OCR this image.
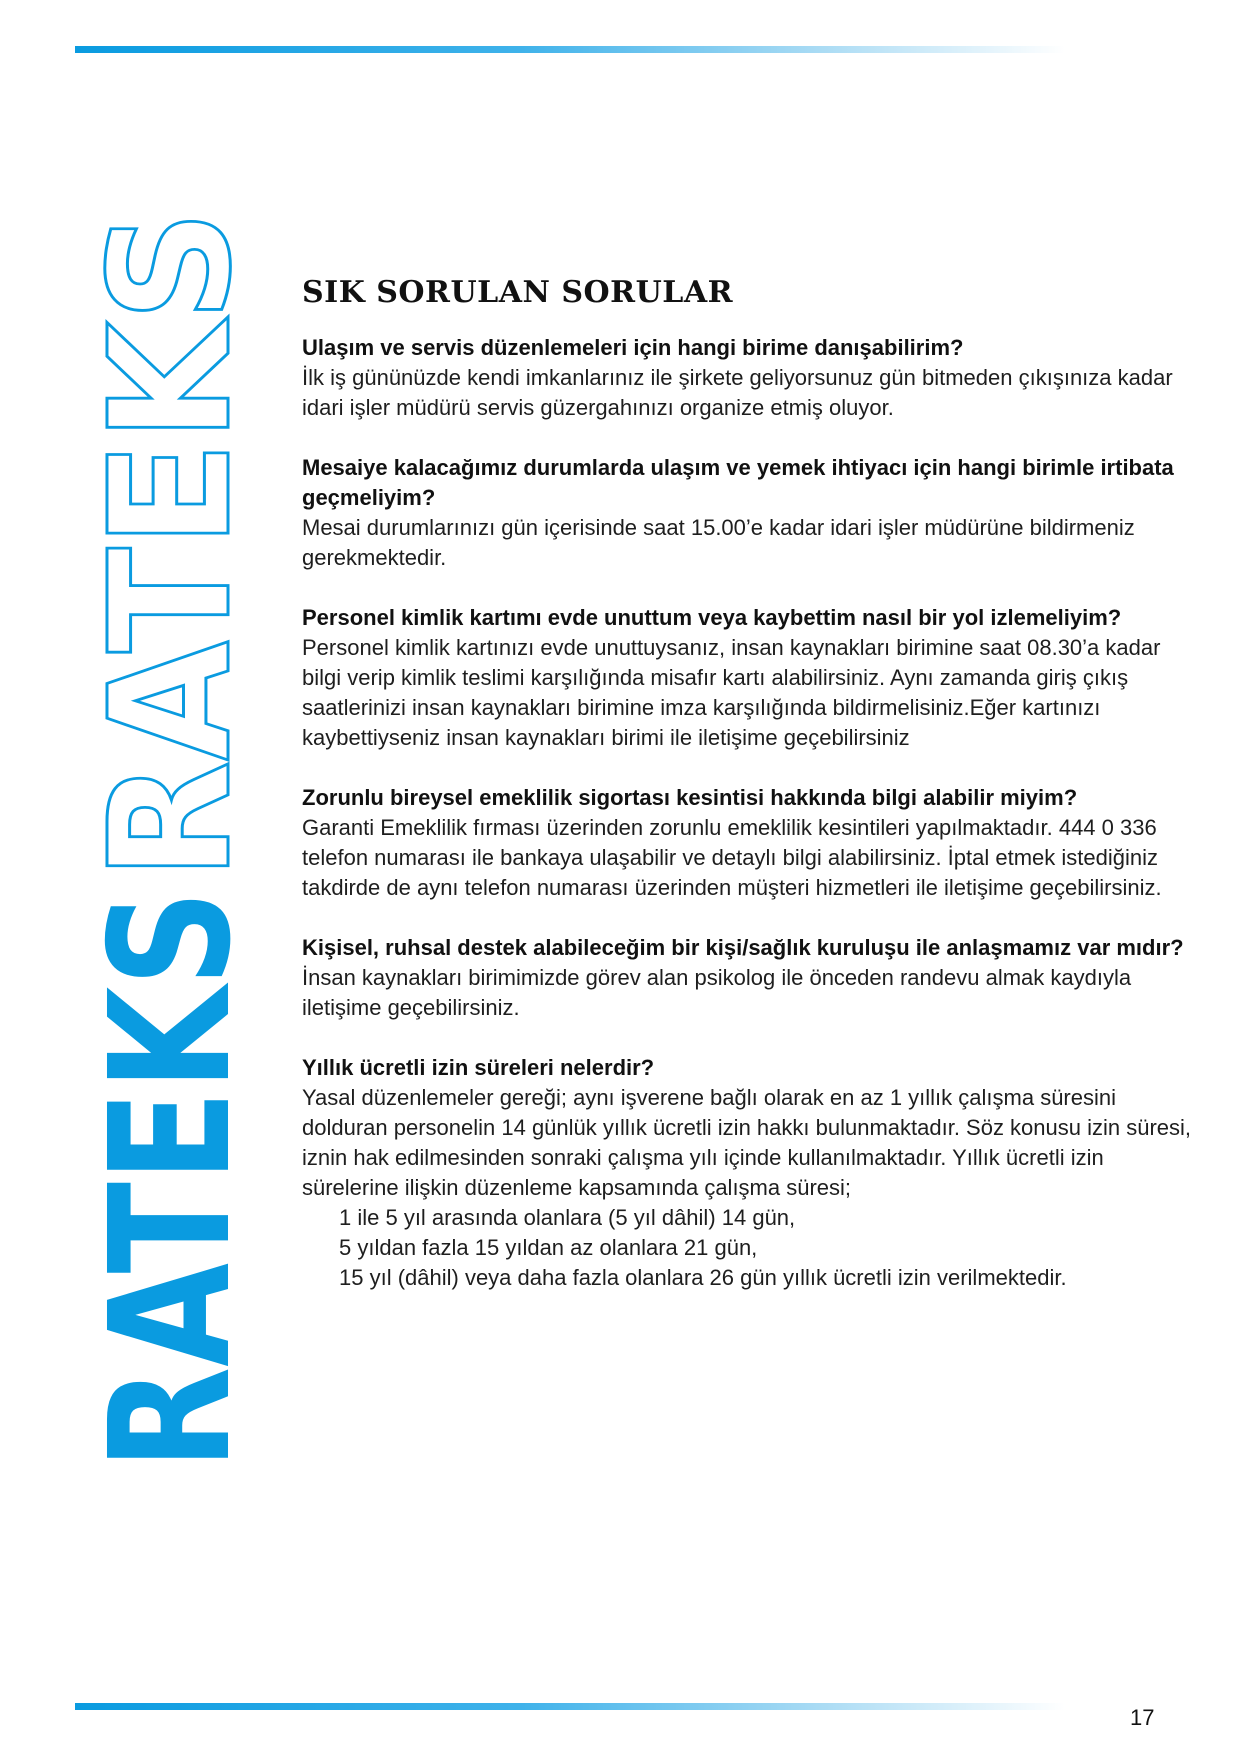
RATEKS
RATEKS SIK SORULAN SORULAR

Ulaşım ve servis düzenlemeleri için hangi birime danışabilirim?

İlk iş gününüzde kendi imkanlarınız ile şirkete geliyorsunuz gün bitmeden çıkışınıza kadar idari işler müdürü servis güzergahınızı organize etmiş oluyor.

Mesaiye kalacağımız durumlarda ulaşım ve yemek ihtiyacı için hangi birimle irtibata geçmeliyim?

Mesai durumlarınızı gün içerisinde saat 15.00’e kadar idari işler müdürüne bildirmeniz gerekmektedir.

Personel kimlik kartımı evde unuttum veya kaybettim nasıl bir yol izlemeliyim?

Personel kimlik kartınızı evde unuttuysanız, insan kaynakları birimine saat 08.30’a kadar bilgi verip kimlik teslimi karşılığında misafır kartı alabilirsiniz. Aynı zamanda giriş çıkış saatlerinizi insan kaynakları birimine imza karşılığında bildirmelisiniz.Eğer kartınızı kaybettiyseniz insan kaynakları birimi ile iletişime geçebilirsiniz

Zorunlu bireysel emeklilik sigortası kesintisi hakkında bilgi alabilir miyim?

Garanti Emeklilik fırması üzerinden zorunlu emeklilik kesintileri yapılmaktadır. 444 0 336 telefon numarası ile bankaya ulaşabilir ve detaylı bilgi alabilirsiniz. İptal etmek istediğiniz takdirde de aynı telefon numarası üzerinden müşteri hizmetleri ile iletişime geçebilirsiniz.

Kişisel, ruhsal destek alabileceğim bir kişi/sağlık kuruluşu ile anlaşmamız var mıdır?

İnsan kaynakları birimimizde görev alan psikolog ile önceden randevu almak kaydıyla iletişime geçebilirsiniz.

Yıllık ücretli izin süreleri nelerdir?

Yasal düzenlemeler gereği; aynı işverene bağlı olarak en az 1 yıllık çalışma süresini dolduran personelin 14 günlük yıllık ücretli izin hakkı bulunmaktadır. Söz konusu izin süresi, iznin hak edilmesinden sonraki çalışma yılı içinde kullanılmaktadır. Yıllık ücretli izin sürelerine ilişkin düzenleme kapsamında çalışma süresi;

1 ile 5 yıl arasında olanlara (5 yıl dâhil) 14 gün,
5 yıldan fazla 15 yıldan az olanlara 21 gün,
15 yıl (dâhil) veya daha fazla olanlara 26 gün yıllık ücretli izin verilmektedir.
17
